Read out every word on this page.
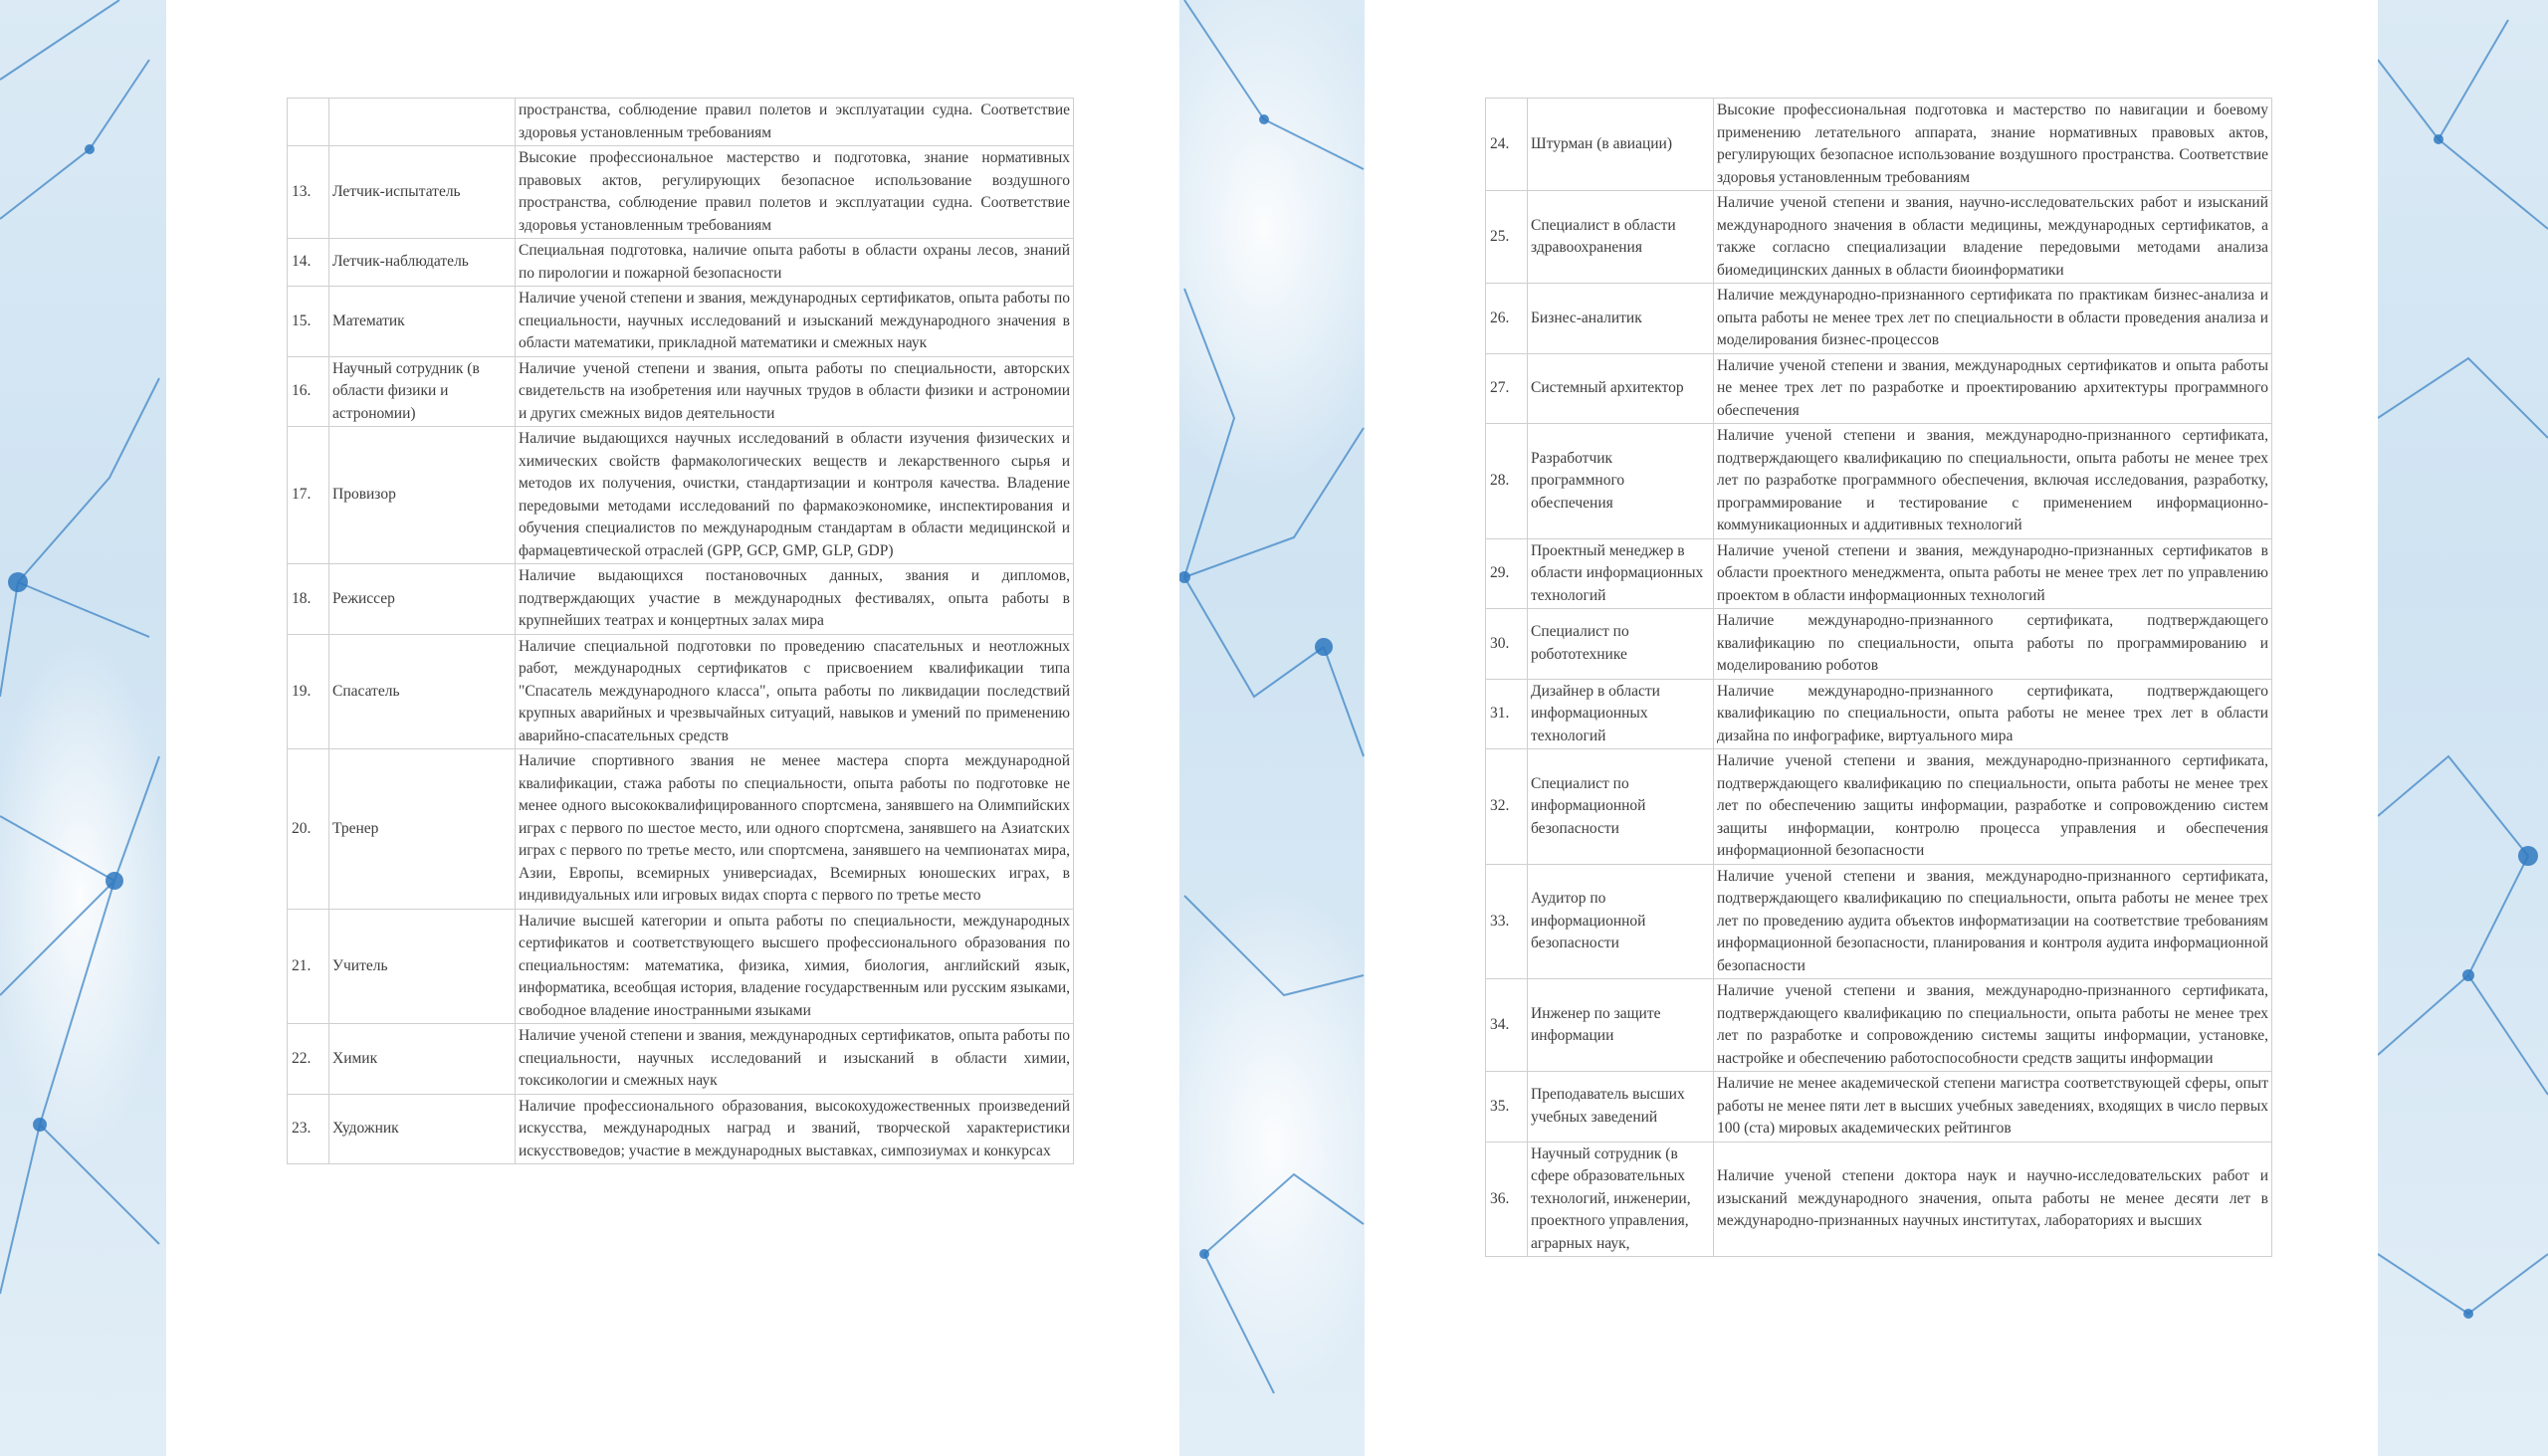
		пространства, соблюдение правил полетов и эксплуатации судна. Соответствие здоровья установленным требованиям
13.	Летчик-испытатель	Высокие профессиональное мастерство и подготовка, знание нормативных правовых актов, регулирующих безопасное использование воздушного пространства, соблюдение правил полетов и эксплуатации судна. Соответствие здоровья установленным требованиям
14.	Летчик-наблюдатель	Специальная подготовка, наличие опыта работы в области охраны лесов, знаний по пирологии и пожарной безопасности
15.	Математик	Наличие ученой степени и звания, международных сертификатов, опыта работы по специальности, научных исследований и изысканий международного значения в области математики, прикладной математики и смежных наук
16.	Научный сотрудник (в области физики и астрономии)	Наличие ученой степени и звания, опыта работы по специальности, авторских свидетельств на изобретения или научных трудов в области физики и астрономии и других смежных видов деятельности
17.	Провизор	Наличие выдающихся научных исследований в области изучения физических и химических свойств фармакологических веществ и лекарственного сырья и методов их получения, очистки, стандартизации и контроля качества. Владение передовыми методами исследований по фармакоэкономике, инспектирования и обучения специалистов по международным стандартам в области медицинской и фармацевтической отраслей (GPP, GCP, GMP, GLP, GDP)
18.	Режиссер	Наличие выдающихся постановочных данных, звания и дипломов, подтверждающих участие в международных фестивалях, опыта работы в крупнейших театрах и концертных залах мира
19.	Спасатель	Наличие специальной подготовки по проведению спасательных и неотложных работ, международных сертификатов с присвоением квалификации типа "Спасатель международного класса", опыта работы по ликвидации последствий крупных аварийных и чрезвычайных ситуаций, навыков и умений по применению аварийно-спасательных средств
20.	Тренер	Наличие спортивного звания не менее мастера спорта международной квалификации, стажа работы по специальности, опыта работы по подготовке не менее одного высококвалифицированного спортсмена, занявшего на Олимпийских играх с первого по шестое место, или одного спортсмена, занявшего на Азиатских играх с первого по третье место, или спортсмена, занявшего на чемпионатах мира, Азии, Европы, всемирных универсиадах, Всемирных юношеских играх, в индивидуальных или игровых видах спорта с первого по третье место
21.	Учитель	Наличие высшей категории и опыта работы по специальности, международных сертификатов и соответствующего высшего профессионального образования по специальностям: математика, физика, химия, биология, английский язык, информатика, всеобщая история, владение государственным или русским языками, свободное владение иностранными языками
22.	Химик	Наличие ученой степени и звания, международных сертификатов, опыта работы по специальности, научных исследований и изысканий в области химии, токсикологии и смежных наук
23.	Художник	Наличие профессионального образования, высокохудожественных произведений искусства, международных наград и званий, творческой характеристики искусствоведов; участие в международных выставках, симпозиумах и конкурсах
24.	Штурман (в авиации)	Высокие профессиональная подготовка и мастерство по навигации и боевому применению летательного аппарата, знание нормативных правовых актов, регулирующих безопасное использование воздушного пространства. Соответствие здоровья установленным требованиям
25.	Специалист в области здравоохранения	Наличие ученой степени и звания, научно-исследовательских работ и изысканий международного значения в области медицины, международных сертификатов, а также согласно специализации владение передовыми методами анализа биомедицинских данных в области биоинформатики
26.	Бизнес-аналитик	Наличие международно-признанного сертификата по практикам бизнес-анализа и опыта работы не менее трех лет по специальности в области проведения анализа и моделирования бизнес-процессов
27.	Системный архитектор	Наличие ученой степени и звания, международных сертификатов и опыта работы не менее трех лет по разработке и проектированию архитектуры программного обеспечения
28.	Разработчик программного обеспечения	Наличие ученой степени и звания, международно-признанного сертификата, подтверждающего квалификацию по специальности, опыта работы не менее трех лет по разработке программного обеспечения, включая исследования, разработку, программирование и тестирование с применением информационно-коммуникационных и аддитивных технологий
29.	Проектный менеджер в области информационных технологий	Наличие ученой степени и звания, международно-признанных сертификатов в области проектного менеджмента, опыта работы не менее трех лет по управлению проектом в области информационных технологий
30.	Специалист по робототехнике	Наличие международно-признанного сертификата, подтверждающего квалификацию по специальности, опыта работы по программированию и моделированию роботов
31.	Дизайнер в области информационных технологий	Наличие международно-признанного сертификата, подтверждающего квалификацию по специальности, опыта работы не менее трех лет в области дизайна по инфографике, виртуального мира
32.	Специалист по информационной безопасности	Наличие ученой степени и звания, международно-признанного сертификата, подтверждающего квалификацию по специальности, опыта работы не менее трех лет по обеспечению защиты информации, разработке и сопровождению систем защиты информации, контролю процесса управления и обеспечения информационной безопасности
33.	Аудитор по информационной безопасности	Наличие ученой степени и звания, международно-признанного сертификата, подтверждающего квалификацию по специальности, опыта работы не менее трех лет по проведению аудита объектов информатизации на соответствие требованиям информационной безопасности, планирования и контроля аудита информационной безопасности
34.	Инженер по защите информации	Наличие ученой степени и звания, международно-признанного сертификата, подтверждающего квалификацию по специальности, опыта работы не менее трех лет по разработке и сопровождению системы защиты информации, установке, настройке и обеспечению работоспособности средств защиты информации
35.	Преподаватель высших учебных заведений	Наличие не менее академической степени магистра соответствующей сферы, опыт работы не менее пяти лет в высших учебных заведениях, входящих в число первых 100 (ста) мировых академических рейтингов
36.	Научный сотрудник (в сфере образовательных технологий, инженерии, проектного управления, аграрных наук,	Наличие ученой степени доктора наук и научно-исследовательских работ и изысканий международного значения, опыта работы не менее десяти лет в международно-признанных научных институтах, лабораториях и высших
